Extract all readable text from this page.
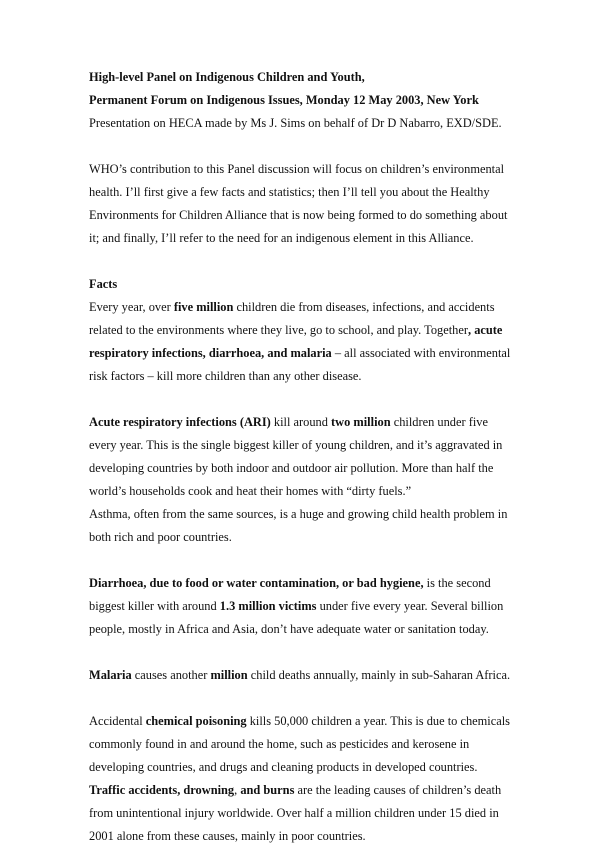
High-level Panel on Indigenous Children and Youth,
Permanent Forum on Indigenous Issues, Monday 12 May 2003, New York
Presentation on HECA made by Ms J. Sims on behalf of Dr D Nabarro, EXD/SDE.
WHO’s contribution to this Panel discussion will focus on children’s environmental
health. I’ll first give a few facts and statistics; then I’ll tell you about the Healthy
Environments for Children Alliance that is now being formed to do something about
it; and finally, I’ll refer to the need for an indigenous element in this Alliance.
Facts
Every year, over five million children die from diseases, infections, and accidents
related to the environments where they live, go to school, and play. Together, acute
respiratory infections, diarrhoea, and malaria – all associated with environmental
risk factors – kill more children than any other disease.
Acute respiratory infections (ARI) kill around two million children under five
every year. This is the single biggest killer of young children, and it’s aggravated in
developing countries by both indoor and outdoor air pollution. More than half the
world’s households cook and heat their homes with “dirty fuels.”
Asthma, often from the same sources, is a huge and growing child health problem in
both rich and poor countries.
Diarrhoea, due to food or water contamination, or bad hygiene, is the second
biggest killer with around 1.3 million victims under five every year. Several billion
people, mostly in Africa and Asia, don’t have adequate water or sanitation today.
Malaria causes another million child deaths annually, mainly in sub-Saharan Africa.
Accidental chemical poisoning kills 50,000 children a year. This is due to chemicals
commonly found in and around the home, such as pesticides and kerosene in
developing countries, and drugs and cleaning products in developed countries.
Traffic accidents, drowning, and burns are the leading causes of children’s death
from unintentional injury worldwide. Over half a million children under 15 died in
2001 alone from these causes, mainly in poor countries.
